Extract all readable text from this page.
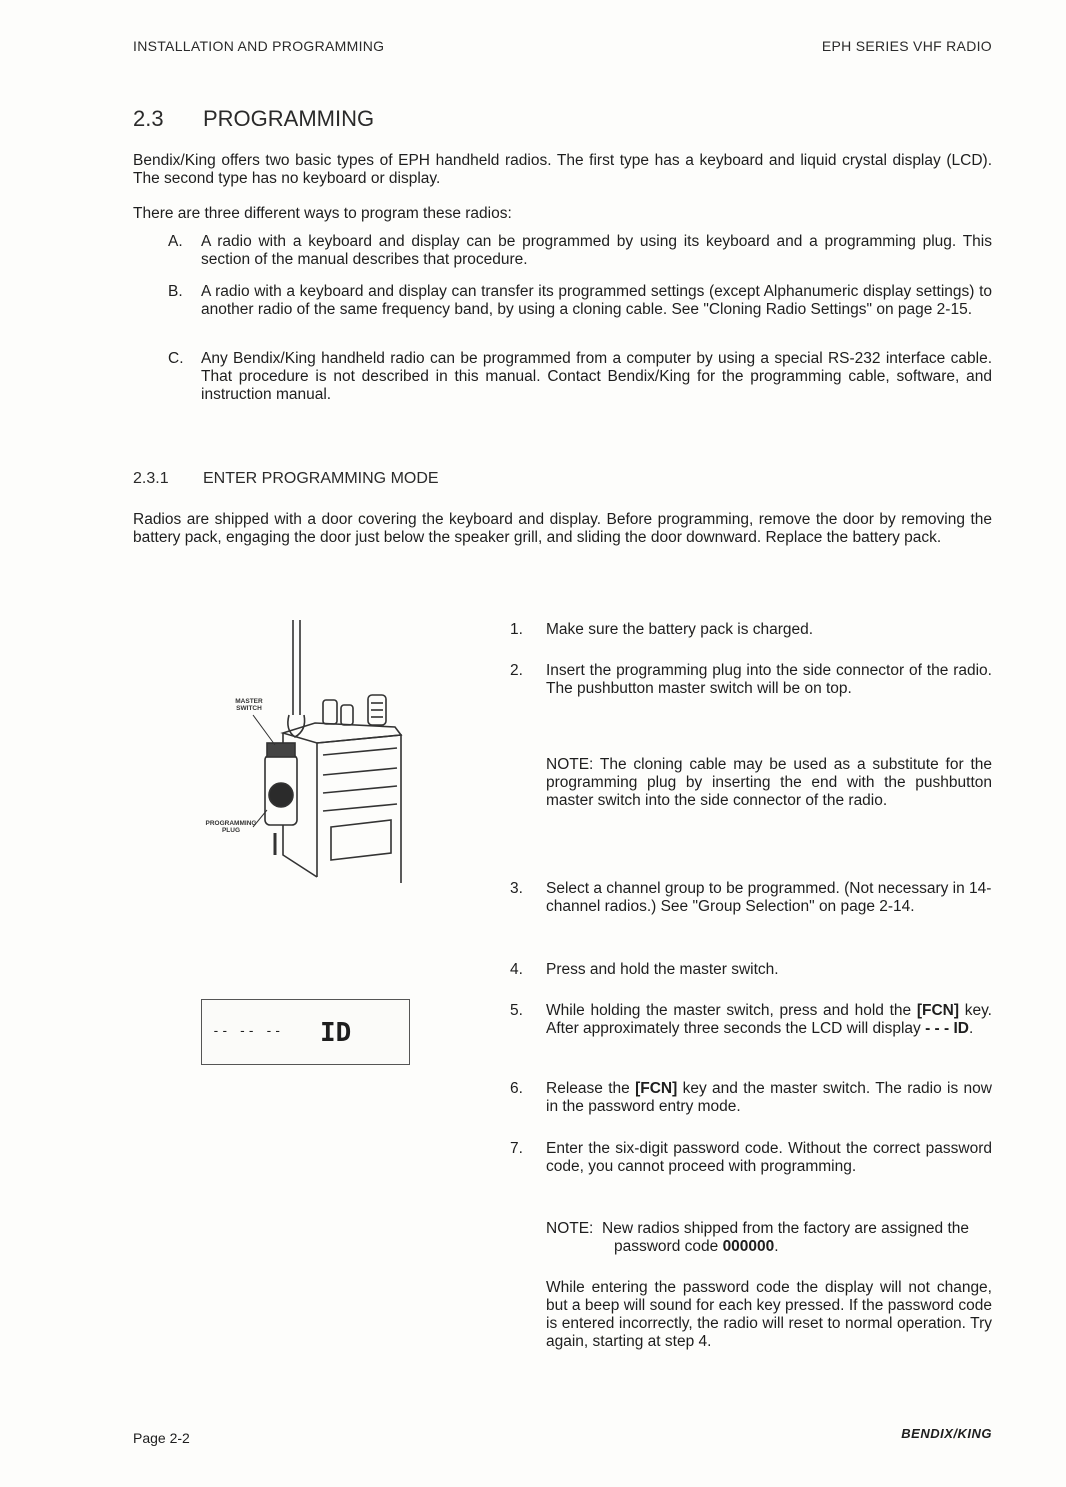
INSTALLATION AND PROGRAMMING	EPH SERIES VHF RADIO
2.3 PROGRAMMING
Bendix/King offers two basic types of EPH handheld radios. The first type has a keyboard and liquid crystal display (LCD). The second type has no keyboard or display.
There are three different ways to program these radios:
A.	A radio with a keyboard and display can be programmed by using its keyboard and a programming plug. This section of the manual describes that procedure.
B.	A radio with a keyboard and display can transfer its programmed settings (except Alphanumeric display settings) to another radio of the same frequency band, by using a cloning cable. See "Cloning Radio Settings" on page 2-15.
C.	Any Bendix/King handheld radio can be programmed from a computer by using a special RS-232 interface cable. That procedure is not described in this manual. Contact Bendix/King for the programming cable, software, and instruction manual.
2.3.1 ENTER PROGRAMMING MODE
Radios are shipped with a door covering the keyboard and display. Before programming, remove the door by removing the battery pack, engaging the door just below the speaker grill, and sliding the door downward. Replace the battery pack.
MASTER SWITCH
PROGRAMMING PLUG
-- -- -- ID
1.	Make sure the battery pack is charged.
2.	Insert the programming plug into the side connector of the radio. The pushbutton master switch will be on top.
NOTE: The cloning cable may be used as a substitute for the programming plug by inserting the end with the pushbutton master switch into the side connector of the radio.
3.	Select a channel group to be programmed. (Not necessary in 14-channel radios.) See "Group Selection" on page 2-14.
4.	Press and hold the master switch.
5.	While holding the master switch, press and hold the [FCN] key. After approximately three seconds the LCD will display - - - ID.
6.	Release the [FCN] key and the master switch. The radio is now in the password entry mode.
7.	Enter the six-digit password code. Without the correct password code, you cannot proceed with programming.
NOTE: New radios shipped from the factory are assigned the password code 000000.
While entering the password code the display will not change, but a beep will sound for each key pressed. If the password code is entered incorrectly, the radio will reset to normal operation. Try again, starting at step 4.
Page 2-2	BENDIX/KING
